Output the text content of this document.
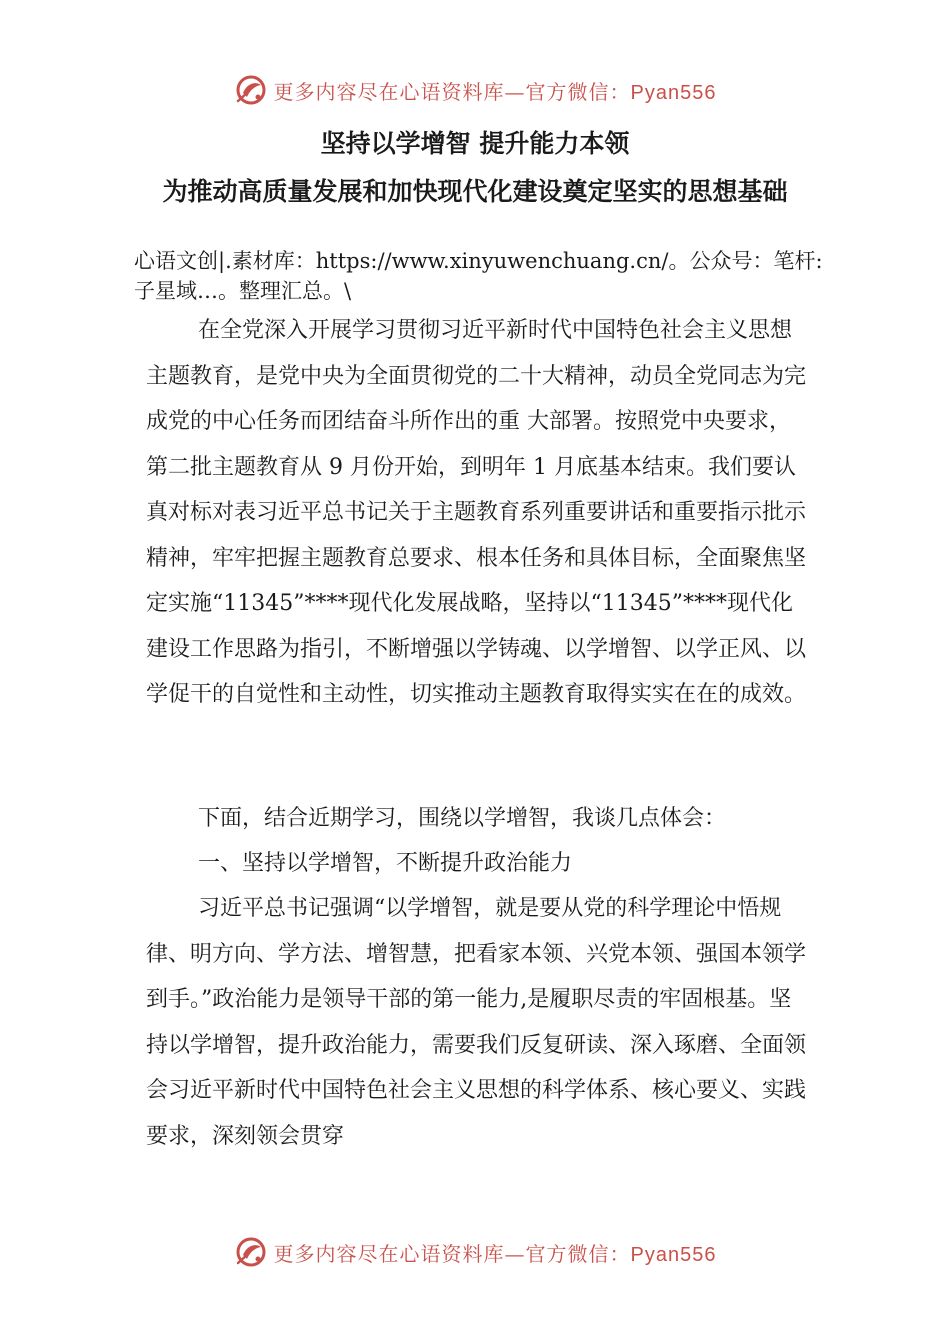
更多内容尽在心语资料库—官方微信：Pyan556
坚持以学增智 提升能力本领
为推动高质量发展和加快现代化建设奠定坚实的思想基础
心语文创|.素材库：https://www.xinyuwenchuang.cn/。公众号：笔杆:子星域…。整理汇总。\
在全党深入开展学习贯彻习近平新时代中国特色社会主义思想主题教育，是党中央为全面贯彻党的二十大精神，动员全党同志为完成党的中心任务而团结奋斗所作出的重 大部署。按照党中央要求，第二批主题教育从 9 月份开始，到明年 1 月底基本结束。我们要认真对标对表习近平总书记关于主题教育系列重要讲话和重要指示批示精神，牢牢把握主题教育总要求、根本任务和具体目标，全面聚焦坚定实施“11345”****现代化发展战略，坚持以“11345”****现代化建设工作思路为指引，不断增强以学铸魂、以学增智、以学正风、以学促干的自觉性和主动性，切实推动主题教育取得实实在在的成效。
下面，结合近期学习，围绕以学增智，我谈几点体会：
一、坚持以学增智，不断提升政治能力
习近平总书记强调“以学增智，就是要从党的科学理论中悟规律、明方向、学方法、增智慧，把看家本领、兴党本领、强国本领学到手。”政治能力是领导干部的第一能力,是履职尽责的牢固根基。坚持以学增智，提升政治能力，需要我们反复研读、深入琢磨、全面领会习近平新时代中国特色社会主义思想的科学体系、核心要义、实践要求，深刻领会贯穿
更多内容尽在心语资料库—官方微信：Pyan556
